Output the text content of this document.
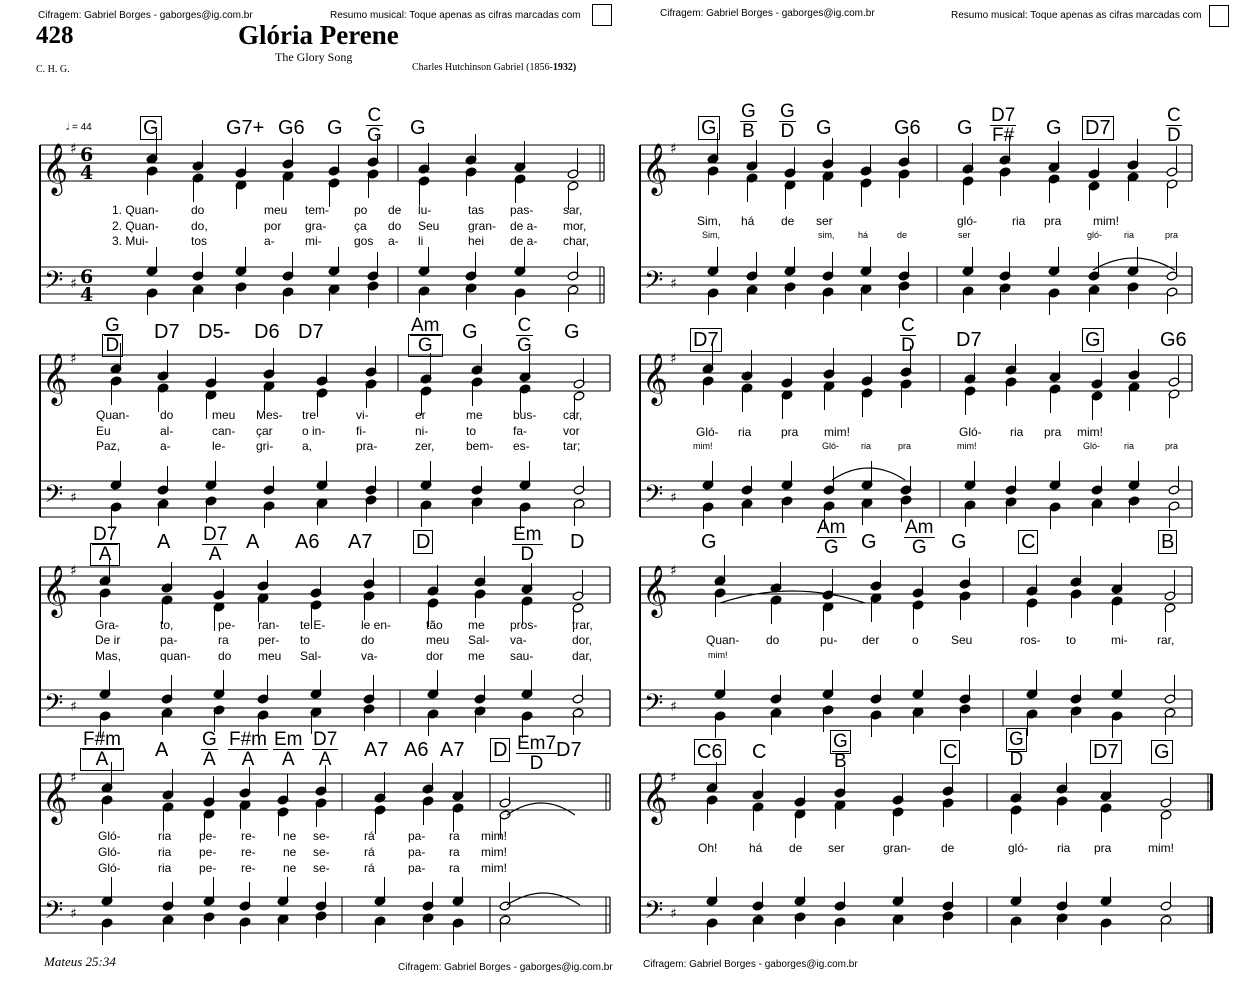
Cifragem: Gabriel Borges - gaborges@ig.com.br	Resumo musical: Toque apenas as cifras marcadas com	Cifragem: Gabriel Borges - gaborges@ig.com.br	Resumo musical: Toque apenas as cifras marcadas com
428	Glória Perene
The Glory Song
C. H. G.	Charles Hutchinson Gabriel (1856-1932)
𝅗𝅥 = 44
𝄞
𝄢
♯
♯
𝄞
𝄢
♯
♯
𝄞
𝄢
♯
♯
𝄞
𝄢
♯
♯
𝄞
𝄢
♯
♯
𝄞
𝄢
♯
♯
𝄞
𝄢
♯
♯
𝄞
𝄢
♯
♯
6
4
6
4
G	G7+ G6 G $\frac{C}{G}$ G
$\frac{G}{D} D7$ D5- D6 D7	$\frac{Am}{G}$ G $\frac{C}{G}$ G
$\frac{D7}{A}$ A $\frac{D7}{A}$ A A6 A7 D	$\frac{Em}{D}$ D
$\frac{F\#m}{A}$ A $\frac{G}{A} \frac{F\#m}{A} \frac{Em}{A} \frac{D7}{A} A7$ A6 A7 D $\frac{Em7}{D}$
D7
G $\frac{G}{B} \frac{G}{D}$ G	G6 G $\frac{D7}{F\#}$ G D7	$\frac{C}{D}$
D7	$\frac{C}{D} D7$	G	G6
G	$\frac{Am}{G}$ G $\frac{Am}{G}$ G	C	B
C6 C	$\frac{G}{B}$	C	$\frac{G}{D}$	D7 G
1. Quan-	do	meu tem- po de lu-	tas pas- sar,
2. Quan-	do,	por gra- ça do Seu gran- de a- mor,
3. Mui-	tos	a-	mi-	gos a- li	hei de a- char,
Quan-	do	meu Mes- tre	vi-	er	me	bus- car,
Eu	al-	can- çar o in-	fi-	ni-	to	fa-	vor
Paz,	a-	le-	gri- a,	pra-	zer,	bem- es-	tar;
Gra-	to,	pe- ran- te E-	le en-	tão me pros-	trar,
De ir	pa-	ra per- to	do	meu Sal- va-	dor,
Mas,	quan- do meu Sal-	va-	dor me sau-	dar,
Gló-	ria pe- re- ne se-	rá	pa- ra mim!
Gló-	ria pe- re- ne se-	rá	pa- ra mim!
Gló-	ria pe- re- ne se-	rá	pa- ra mim!
Sim, há de ser	gló-	ria pra	mim!
Sim,	sim,	há	de	ser	gló- ria	pra
Gló- ria pra mim!	Gló- ria pra mim!
mim!	Gló- ria	pra	mim!	Gló-	ria	pra
Quan- do	pu- der	o	Seu	ros- to	mi- rar,
mim!
Oh!	há de ser	gran- de	gló- ria pra	mim!
Mateus 25:34	Cifragem: Gabriel Borges - gaborges@ig.com.br	Cifragem: Gabriel Borges - gaborges@ig.com.br
